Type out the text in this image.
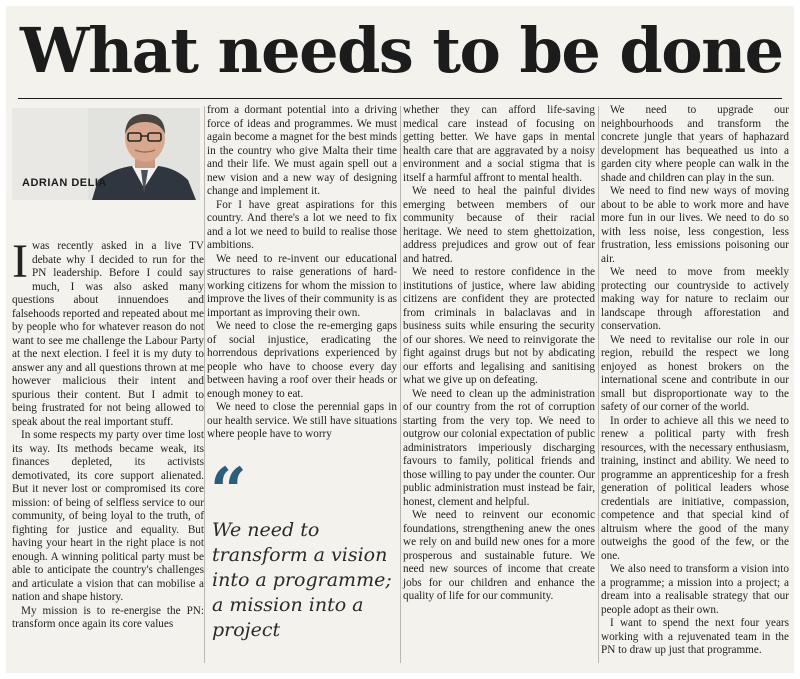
What needs to be done
ADRIAN DELIA

Iwas recently asked in a live TV debate why I decided to run for the PN leadership. Before I could say much, I was also asked many questions about innuendoes and falsehoods reported and repeated about me by people who for whatever reason do not want to see me challenge the Labour Party at the next election. I feel it is my duty to answer any and all questions thrown at me however malicious their intent and spurious their content. But I admit to being frustrated for not being allowed to speak about the real important stuff.

In some respects my party over time lost its way. Its methods became weak, its finances depleted, its activists demotivated, its core support alienated. But it never lost or compromised its core mission: of being of selfless service to our community, of being loyal to the truth, of fighting for justice and equality. But having your heart in the right place is not enough. A winning political party must be able to anticipate the country's challenges and articulate a vision that can mobilise a nation and shape history.

My mission is to re-energise the PN: transform once again its core values

from a dormant potential into a driving force of ideas and programmes. We must again become a magnet for the best minds in the country who give Malta their time and their life. We must again spell out a new vision and a new way of designing change and implement it.

For I have great aspirations for this country. And there's a lot we need to fix and a lot we need to build to realise those ambitions.

We need to re-invent our educational structures to raise generations of hard-working citizens for whom the mission to improve the lives of their community is as important as improving their own.

We need to close the re-emerging gaps of social injustice, eradicating the horrendous deprivations experienced by people who have to choose every day between having a roof over their heads or enough money to eat.

We need to close the perennial gaps in our health service. We still have situations where people have to worry

“
We need to transform a vision into a programme; a mission into a project

whether they can afford life-saving medical care instead of focusing on getting better. We have gaps in mental health care that are aggravated by a noisy environment and a social stigma that is itself a harmful affront to mental health.

We need to heal the painful divides emerging between members of our community because of their racial heritage. We need to stem ghettoization, address prejudices and grow out of fear and hatred.

We need to restore confidence in the institutions of justice, where law abiding citizens are confident they are protected from criminals in balaclavas and in business suits while ensuring the security of our shores. We need to reinvigorate the fight against drugs but not by abdicating our efforts and legalising and sanitising what we give up on defeating.

We need to clean up the administration of our country from the rot of corruption starting from the very top. We need to outgrow our colonial expectation of public administrators imperiously discharging favours to family, political friends and those willing to pay under the counter. Our public administration must instead be fair, honest, clement and helpful.

We need to reinvent our economic foundations, strengthening anew the ones we rely on and build new ones for a more prosperous and sustainable future. We need new sources of income that create jobs for our children and enhance the quality of life for our community.

We need to upgrade our neighbourhoods and transform the concrete jungle that years of haphazard development has bequeathed us into a garden city where people can walk in the shade and children can play in the sun.

We need to find new ways of moving about to be able to work more and have more fun in our lives. We need to do so with less noise, less congestion, less frustration, less emissions poisoning our air.

We need to move from meekly protecting our countryside to actively making way for nature to reclaim our landscape through afforestation and conservation.

We need to revitalise our role in our region, rebuild the respect we long enjoyed as honest brokers on the international scene and contribute in our small but disproportionate way to the safety of our corner of the world.

In order to achieve all this we need to renew a political party with fresh resources, with the necessary enthusiasm, training, instinct and ability. We need to programme an apprenticeship for a fresh generation of political leaders whose credentials are initiative, compassion, competence and that special kind of altruism where the good of the many outweighs the good of the few, or the one.

We also need to transform a vision into a programme; a mission into a project; a dream into a realisable strategy that our people adopt as their own.

I want to spend the next four years working with a rejuvenated team in the PN to draw up just that programme.
